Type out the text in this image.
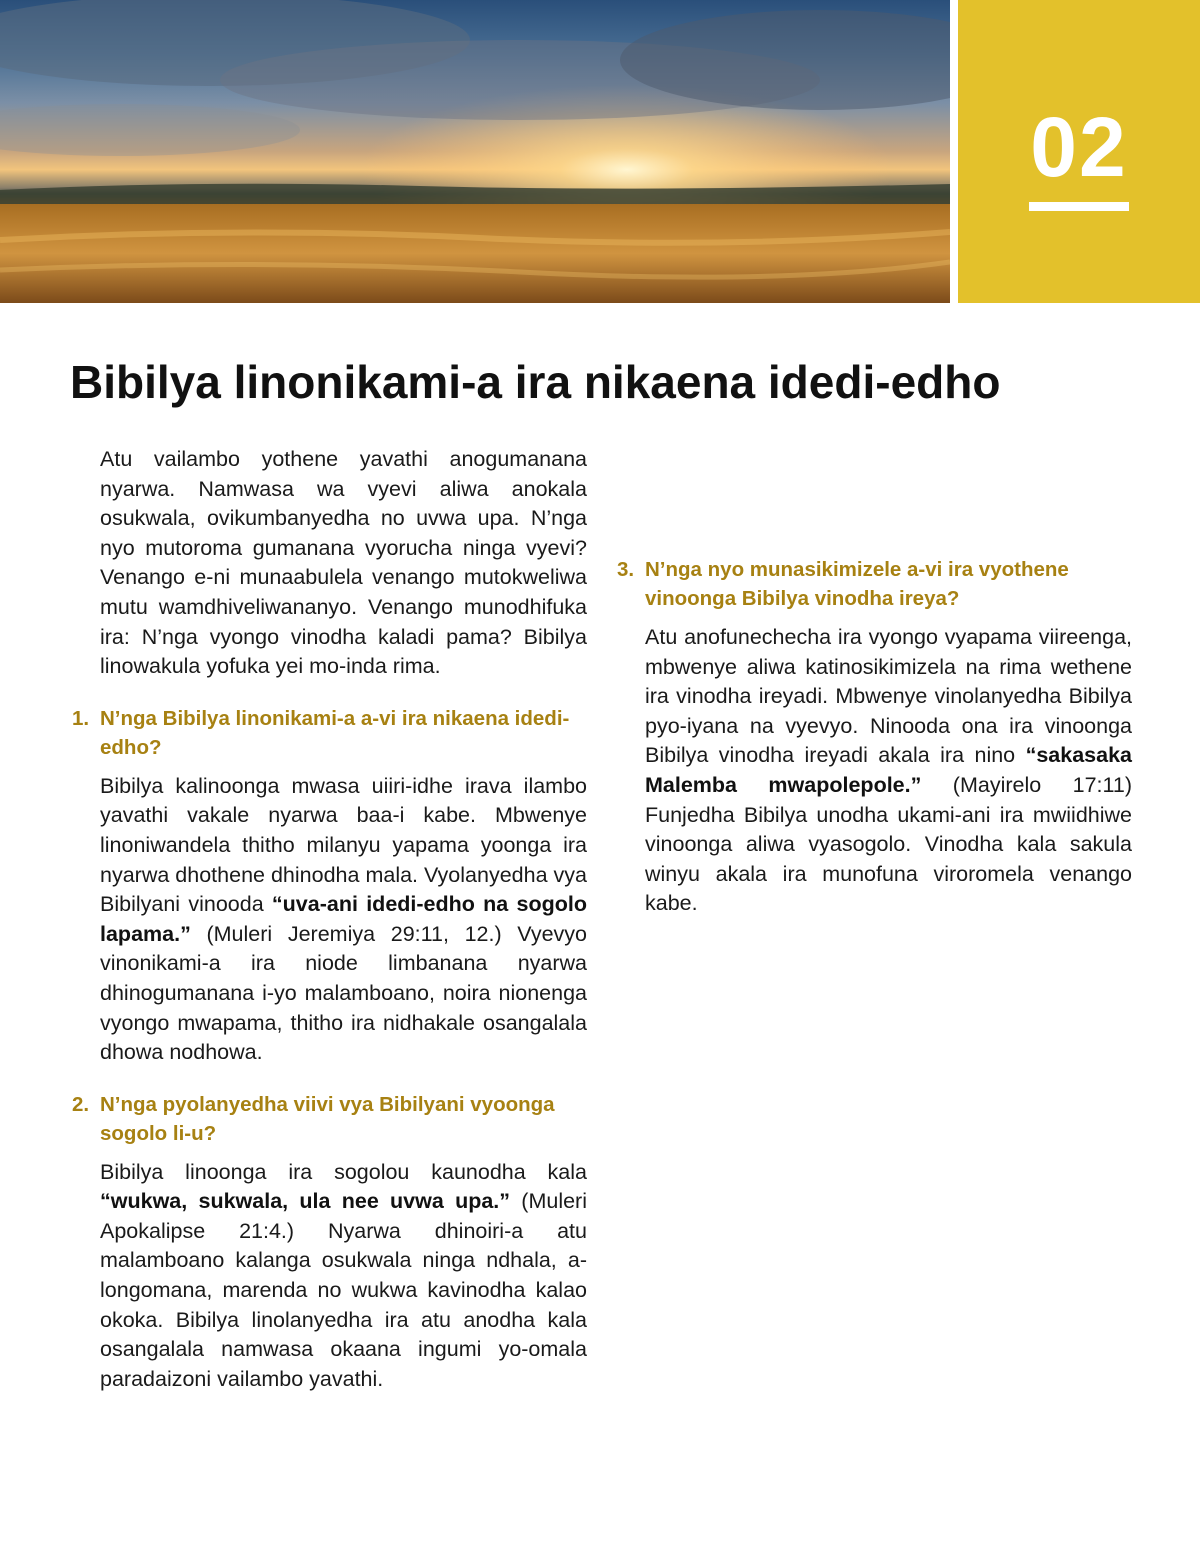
02
Bibilya linonikami-a ira nikaena idedi-edho

Atu vailambo yothene yavathi anogumanana nyarwa. Namwasa wa vyevi aliwa anokala osukwala, ovikumbanyedha no uvwa upa. N’nga nyo mutoroma gumanana vyorucha ninga vyevi? Venango e-ni munaabulela venango mutokweliwa mutu wamdhiveliwananyo. Venango munodhifuka ira: N’nga vyongo vinodha kaladi pama? Bibilya linowakula yofuka yei mo-inda rima.

1. N’nga Bibilya linonikami-a a-vi ira nikaena idedi-edho?

Bibilya kalinoonga mwasa uiiri-idhe irava ilambo yavathi vakale nyarwa baa-i kabe. Mbwenye linoniwandela thitho milanyu yapama yoonga ira nyarwa dhothene dhinodha mala. Vyolanyedha vya Bibilyani vinooda “uva-ani idedi-edho na sogolo lapama.” (Muleri Jeremiya 29:11, 12.) Vyevyo vinonikami-a ira niode limbanana nyarwa dhinogumanana i-yo malamboano, noira nionenga vyongo mwapama, thitho ira nidhakale osangalala dhowa nodhowa.

2. N’nga pyolanyedha viivi vya Bibilyani vyoonga sogolo li-u?

Bibilya linoonga ira sogolou kaunodha kala “wukwa, sukwala, ula nee uvwa upa.” (Muleri Apokalipse 21:4.) Nyarwa dhinoiri-a atu malamboano kalanga osukwala ninga ndhala, a-longomana, marenda no wukwa kavinodha kalao okoka. Bibilya linolanyedha ira atu anodha kala osangalala namwasa okaana ingumi yo-omala paradaizoni vailambo yavathi.

3. N’nga nyo munasikimizele a-vi ira vyothene vinoonga Bibilya vinodha ireya?

Atu anofunechecha ira vyongo vyapama viireenga, mbwenye aliwa katinosikimizela na rima wethene ira vinodha ireyadi. Mbwenye vinolanyedha Bibilya pyo-iyana na vyevyo. Ninooda ona ira vinoonga Bibilya vinodha ireyadi akala ira nino “sakasaka Malemba mwapolepole.” (Mayirelo 17:11) Funjedha Bibilya unodha ukami-ani ira mwiidhiwe vinoonga aliwa vyasogolo. Vinodha kala sakula winyu akala ira munofuna viroromela venango kabe.
